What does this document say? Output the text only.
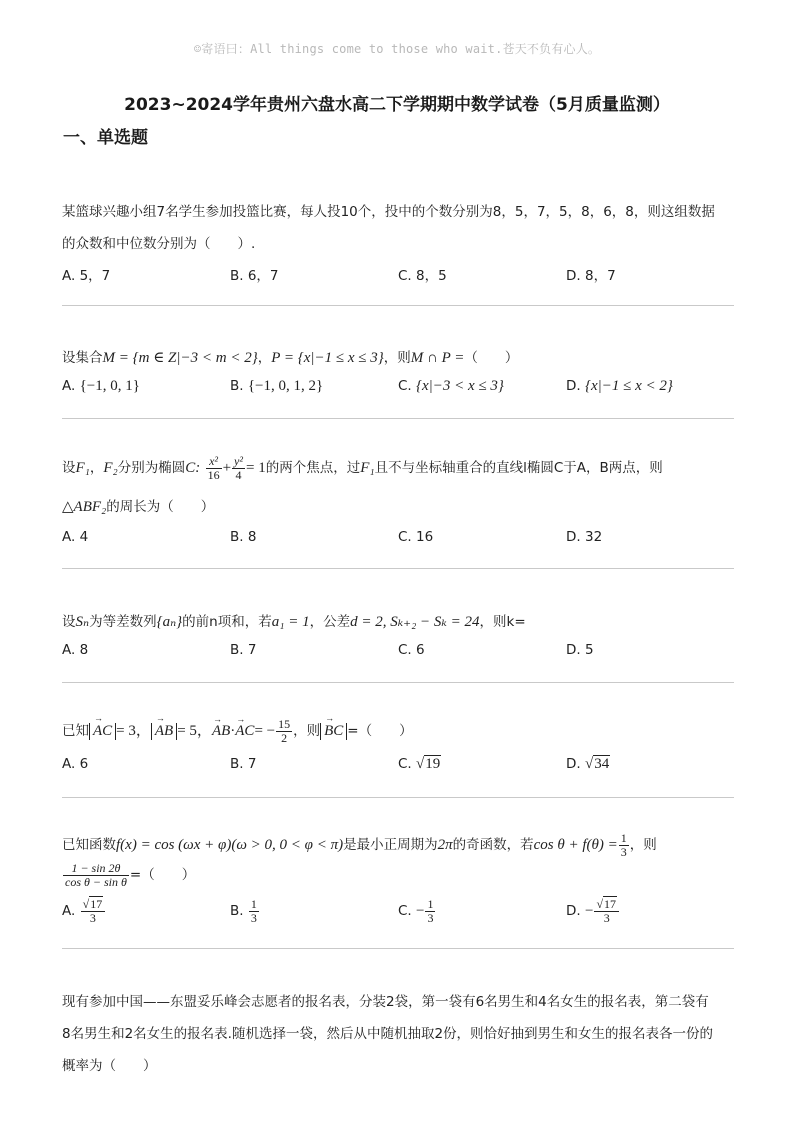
☺寄语曰：All things come to those who wait.苍天不负有心人。
2023~2024学年贵州六盘水高二下学期期中数学试卷（5月质量监测）
一、单选题
某篮球兴趣小组7名学生参加投篮比赛，每人投10个，投中的个数分别为8，5，7，5，8，6，8，则这组数据
的众数和中位数分别为（　　）.
A. 5，7	B. 6，7	C. 8，5	D. 8，7
设集合M = {m ∈ Z|−3 < m < 2}，P = {x|−1 ≤ x ≤ 3}，则M ∩ P =（　　）
A. {−1, 0, 1}	B. {−1, 0, 1, 2}	C. {x|−3 < x ≤ 3}	D. {x|−1 ≤ x < 2}
设F₁，F₂分别为椭圆C: $\frac{\text{x²}}{16} + \frac{\text{y²}}{4} = 1$的两个焦点，过F₁且不与坐标轴重合的直线l椭圆C于A，B两点，则
△ABF₂的周长为（　　）
A. 4	B. 8	C. 16	D. 32
设Sₙ为等差数列{aₙ}的前n项和，若a₁ = 1，公差d = 2, Sₖ₊₂ − Sₖ = 24，则k=
A. 8	B. 7	C. 6	D. 5
已知 → AC = 3， → AB = 5，→ $AB\cdot\to AC= - \frac{15}{2}$ ，则 → BC =（　　）
A. 6	B. 7	C. √19	D. √34
已知函数f(x) = cos (ωx + φ)(ω > 0, 0 < φ < π)是最小正周期为2π的奇函数，若$\cos \theta + f(\theta) = \frac{1}{3}$ ，则
$\frac{1 - \sin 2\theta}{\text{cos θ − sin θ}}$ =（　　）
A. $\frac{√17}{3}$	B. $\frac{1}{3}$	C. − $\frac{1}{3}$	D. − $\frac{√17}{3}$
现有参加中国——东盟妥乐峰会志愿者的报名表，分装2袋，第一袋有6名男生和4名女生的报名表，第二袋有
8名男生和2名女生的报名表.随机选择一袋，然后从中随机抽取2份，则恰好抽到男生和女生的报名表各一份的
概率为（　　）
